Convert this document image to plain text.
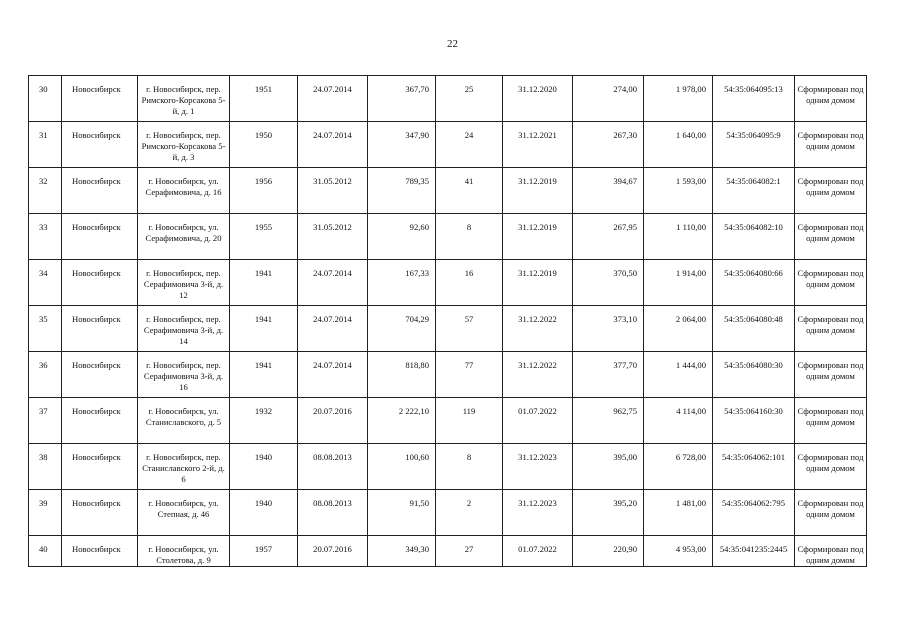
22
30	Новосибирск	г. Новосибирск, пер. Римского-Корсакова 5-й, д. 1	1951	24.07.2014	367,70	25	31.12.2020	274,00	1 978,00	54:35:064095:13	Сформирован под одним домом
31	Новосибирск	г. Новосибирск, пер. Римского-Корсакова 5-й, д. 3	1950	24.07.2014	347,90	24	31.12.2021	267,30	1 640,00	54:35:064095:9	Сформирован под одним домом
32	Новосибирск	г. Новосибирск, ул. Серафимовича, д. 16	1956	31.05.2012	789,35	41	31.12.2019	394,67	1 593,00	54:35:064082:1	Сформирован под одним домом
33	Новосибирск	г. Новосибирск, ул. Серафимовича, д. 20	1955	31.05.2012	92,60	8	31.12.2019	267,95	1 110,00	54:35:064082:10	Сформирован под одним домом
34	Новосибирск	г. Новосибирск, пер. Серафимовича 3-й, д. 12	1941	24.07.2014	167,33	16	31.12.2019	370,50	1 914,00	54:35:064080:66	Сформирован под одним домом
35	Новосибирск	г. Новосибирск, пер. Серафимовича 3-й, д. 14	1941	24.07.2014	704,29	57	31.12.2022	373,10	2 064,00	54:35:064080:48	Сформирован под одним домом
36	Новосибирск	г. Новосибирск, пер. Серафимовича 3-й, д. 16	1941	24.07.2014	818,80	77	31.12.2022	377,70	1 444,00	54:35:064080:30	Сформирован под одним домом
37	Новосибирск	г. Новосибирск, ул. Станиславского, д. 5	1932	20.07.2016	2 222,10	119	01.07.2022	962,75	4 114,00	54:35:064160:30	Сформирован под одним домом
38	Новосибирск	г. Новосибирск, пер. Станиславского 2-й, д. 6	1940	08.08.2013	100,60	8	31.12.2023	395,00	6 728,00	54:35:064062:101	Сформирован под одним домом
39	Новосибирск	г. Новосибирск, ул. Степная, д. 46	1940	08.08.2013	91,50	2	31.12.2023	395,20	1 481,00	54:35:064062:795	Сформирован под одним домом
40	Новосибирск	г. Новосибирск, ул. Столетова, д. 9	1957	20.07.2016	349,30	27	01.07.2022	220,90	4 953,00	54:35:041235:2445	Сформирован под одним домом
